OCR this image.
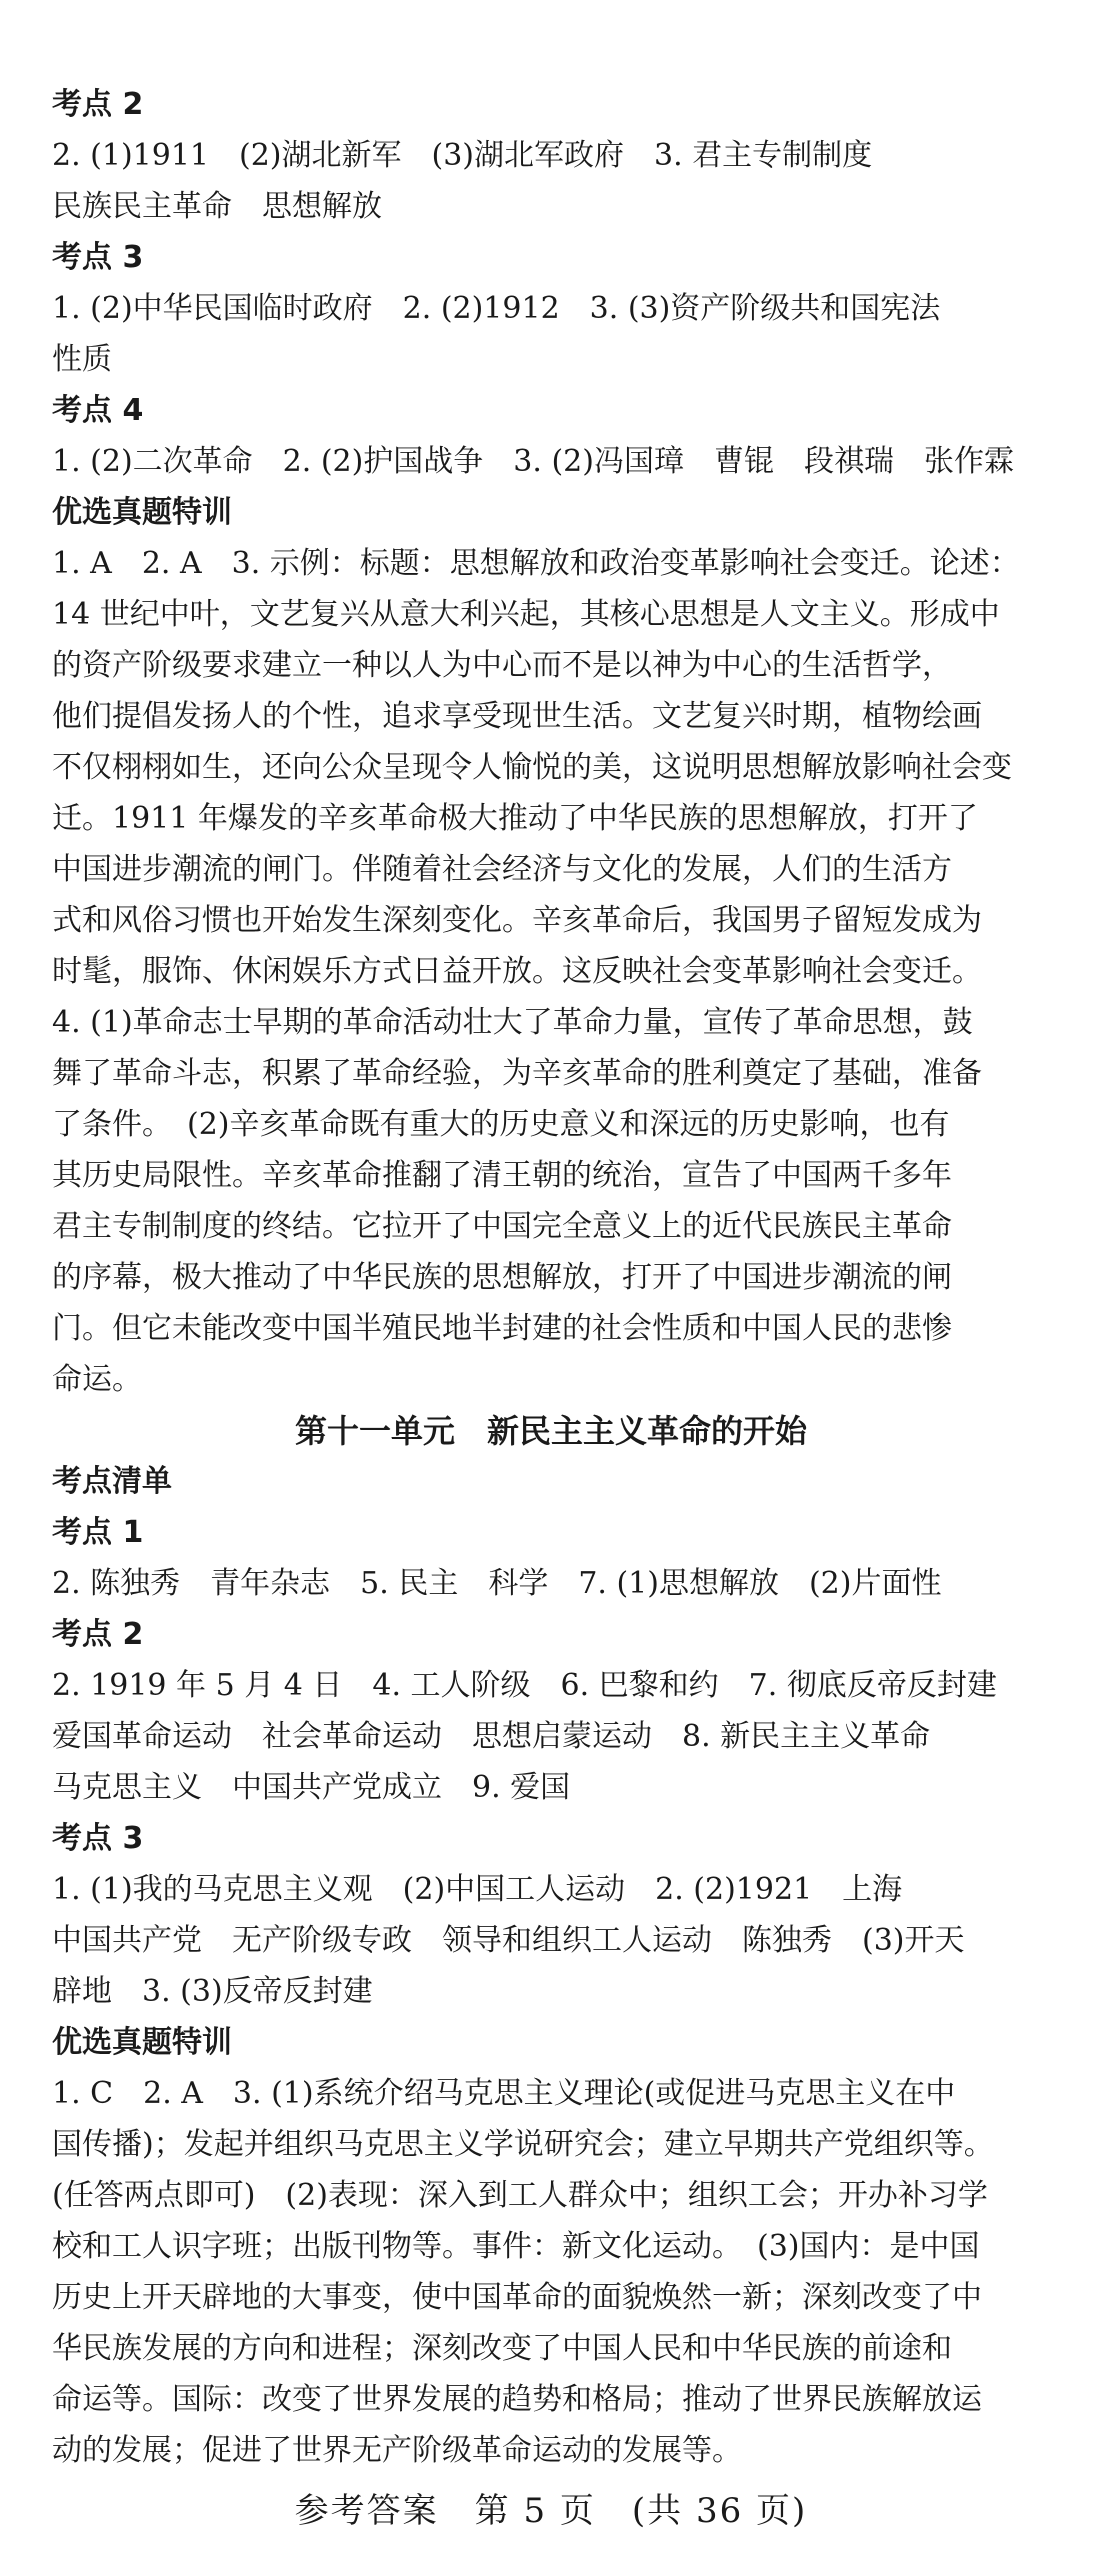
考点 2
2. (1)1911　(2)湖北新军　(3)湖北军政府　3. 君主专制制度
民族民主革命　思想解放
考点 3
1. (2)中华民国临时政府　2. (2)1912　3. (3)资产阶级共和国宪法
性质
考点 4
1. (2)二次革命　2. (2)护国战争　3. (2)冯国璋　曹锟　段祺瑞　张作霖
优选真题特训
1. A　2. A　3. 示例：标题：思想解放和政治变革影响社会变迁。论述：
14 世纪中叶，文艺复兴从意大利兴起，其核心思想是人文主义。形成中
的资产阶级要求建立一种以人为中心而不是以神为中心的生活哲学，
他们提倡发扬人的个性，追求享受现世生活。文艺复兴时期，植物绘画
不仅栩栩如生，还向公众呈现令人愉悦的美，这说明思想解放影响社会变
迁。1911 年爆发的辛亥革命极大推动了中华民族的思想解放，打开了
中国进步潮流的闸门。伴随着社会经济与文化的发展，人们的生活方
式和风俗习惯也开始发生深刻变化。辛亥革命后，我国男子留短发成为
时髦，服饰、休闲娱乐方式日益开放。这反映社会变革影响社会变迁。
4. (1)革命志士早期的革命活动壮大了革命力量，宣传了革命思想，鼓
舞了革命斗志，积累了革命经验，为辛亥革命的胜利奠定了基础，准备
了条件。　(2)辛亥革命既有重大的历史意义和深远的历史影响，也有
其历史局限性。辛亥革命推翻了清王朝的统治，宣告了中国两千多年
君主专制制度的终结。它拉开了中国完全意义上的近代民族民主革命
的序幕，极大推动了中华民族的思想解放，打开了中国进步潮流的闸
门。但它未能改变中国半殖民地半封建的社会性质和中国人民的悲惨
命运。
第十一单元　新民主主义革命的开始
考点清单
考点 1
2. 陈独秀　青年杂志　5. 民主　科学　7. (1)思想解放　(2)片面性
考点 2
2. 1919 年 5 月 4 日　4. 工人阶级　6. 巴黎和约　7. 彻底反帝反封建
爱国革命运动　社会革命运动　思想启蒙运动　8. 新民主主义革命
马克思主义　中国共产党成立　9. 爱国
考点 3
1. (1)我的马克思主义观　(2)中国工人运动　2. (2)1921　上海
中国共产党　无产阶级专政　领导和组织工人运动　陈独秀　(3)开天
辟地　3. (3)反帝反封建
优选真题特训
1. C　2. A　3. (1)系统介绍马克思主义理论(或促进马克思主义在中
国传播)；发起并组织马克思主义学说研究会；建立早期共产党组织等。
(任答两点即可)　(2)表现：深入到工人群众中；组织工会；开办补习学
校和工人识字班；出版刊物等。事件：新文化运动。　(3)国内：是中国
历史上开天辟地的大事变，使中国革命的面貌焕然一新；深刻改变了中
华民族发展的方向和进程；深刻改变了中国人民和中华民族的前途和
命运等。国际：改变了世界发展的趋势和格局；推动了世界民族解放运
动的发展；促进了世界无产阶级革命运动的发展等。
参考答案　第 5 页　(共 36 页)
